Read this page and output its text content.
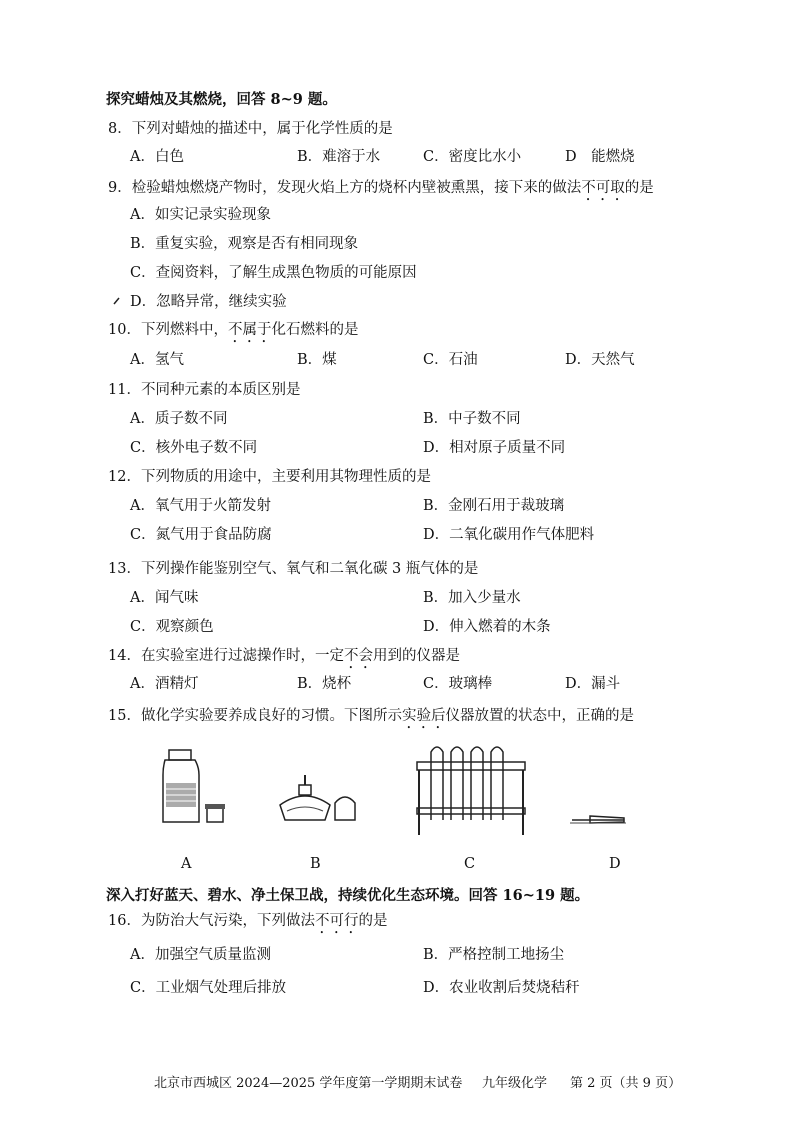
探究蜡烛及其燃烧，回答 8~9 题。
8．下列对蜡烛的描述中，属于化学性质的是
A．白色	B．难溶于水	C．密度比水小	D　能燃烧
9．检验蜡烛燃烧产物时，发现火焰上方的烧杯内壁被熏黑，接下来的做法不可取的是
A．如实记录实验现象
B．重复实验，观察是否有相同现象
C．查阅资料，了解生成黑色物质的可能原因
D．忽略异常，继续实验
10．下列燃料中，不属于化石燃料的是
A．氢气	B．煤	C．石油	D．天然气
11．不同种元素的本质区别是
A．质子数不同	B．中子数不同
C．核外电子数不同	D．相对原子质量不同
12．下列物质的用途中，主要利用其物理性质的是
A．氧气用于火箭发射	B．金刚石用于裁玻璃
C．氮气用于食品防腐	D．二氧化碳用作气体肥料
13．下列操作能鉴别空气、氧气和二氧化碳 3 瓶气体的是
A．闻气味	B．加入少量水
C．观察颜色	D．伸入燃着的木条
14．在实验室进行过滤操作时，一定不会用到的仪器是
A．酒精灯	B．烧杯	C．玻璃棒	D．漏斗
15．做化学实验要养成良好的习惯。下图所示实验后仪器放置的状态中，正确的是
A	B	C	D
深入打好蓝天、碧水、净土保卫战，持续优化生态环境。回答 16~19 题。
16．为防治大气污染，下列做法不可行的是
A．加强空气质量监测	B．严格控制工地扬尘
C．工业烟气处理后排放	D．农业收割后焚烧秸秆
北京市西城区 2024—2025 学年度第一学期期末试卷 九年级化学 第 2 页（共 9 页）
